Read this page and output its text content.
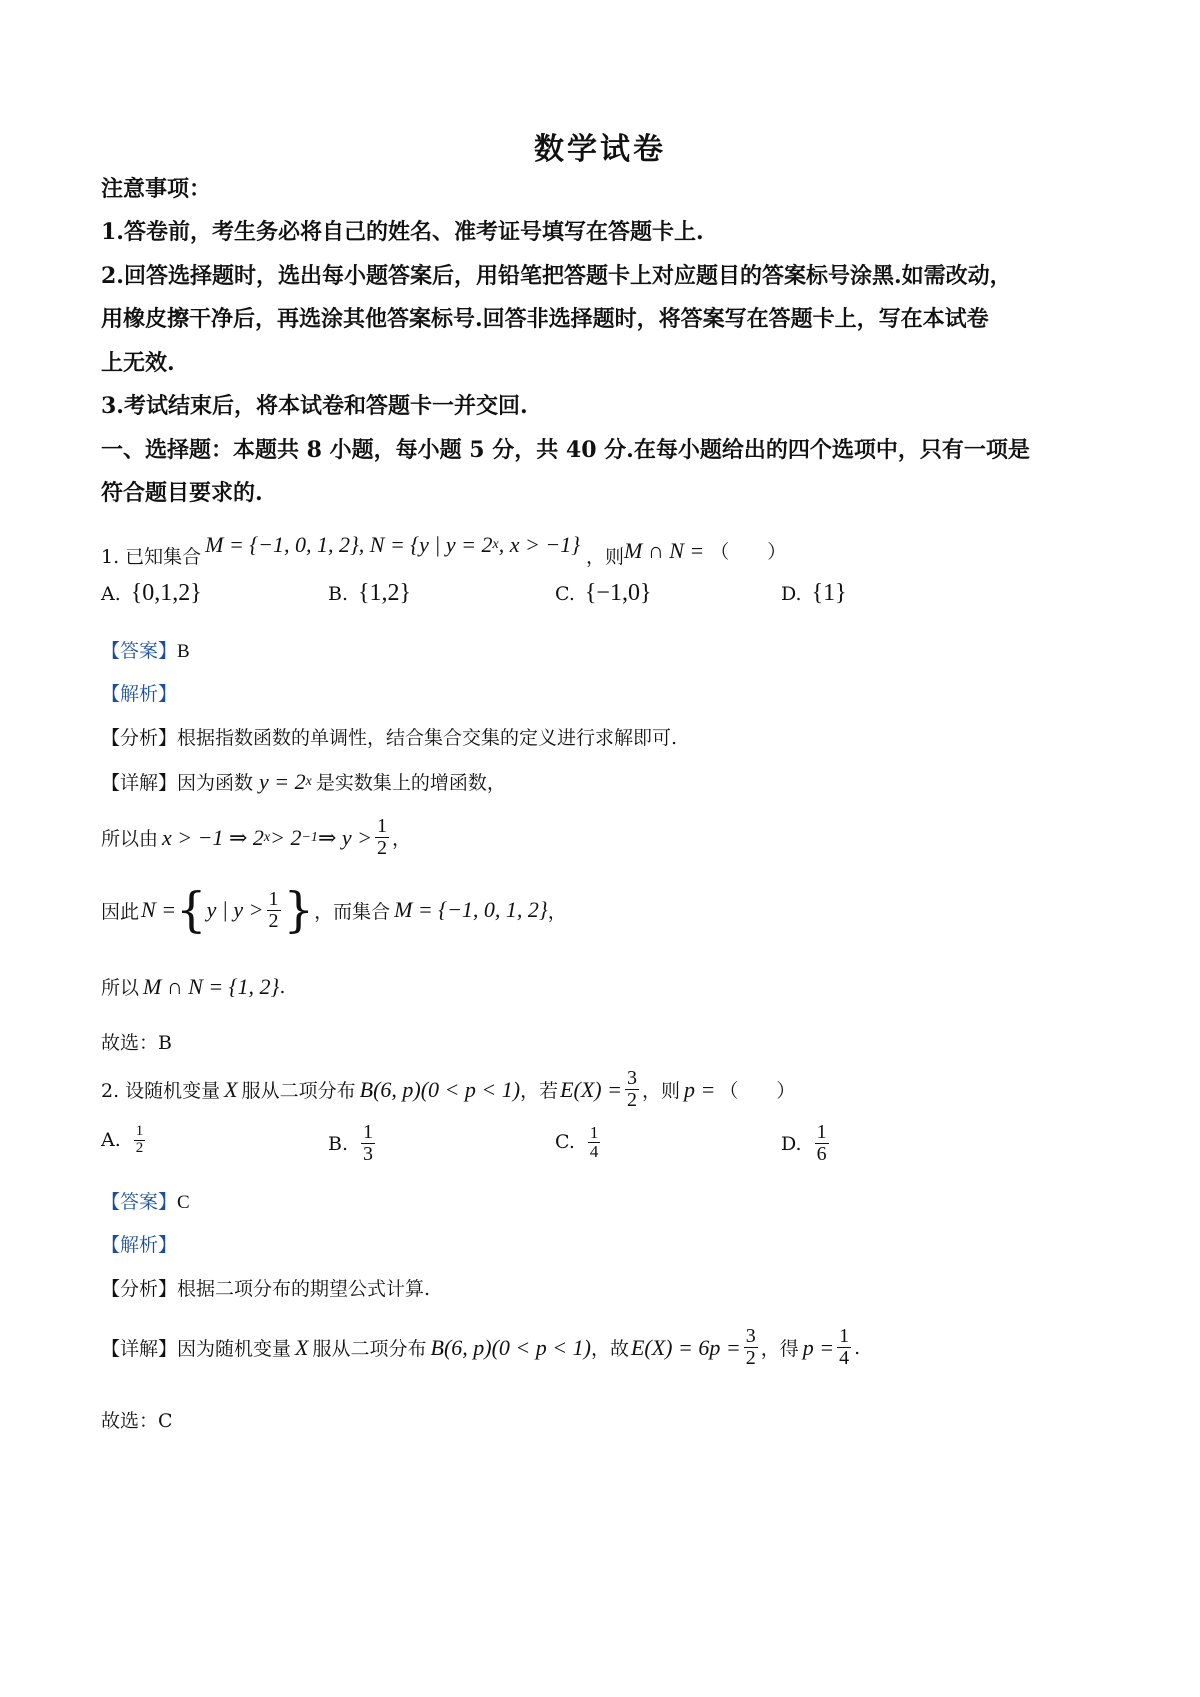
数学试卷
注意事项：
1.答卷前，考生务必将自己的姓名、准考证号填写在答题卡上.
2.回答选择题时，选出每小题答案后，用铅笔把答题卡上对应题目的答案标号涂黑.如需改动，
用橡皮擦干净后，再选涂其他答案标号.回答非选择题时，将答案写在答题卡上，写在本试卷
上无效.
3.考试结束后，将本试卷和答题卡一并交回.
一、选择题：本题共 8 小题，每小题 5 分，共 40 分.在每小题给出的四个选项中，只有一项是
符合题目要求的.
1. 已知集合
M = {−1, 0, 1, 2}, N = {y | y = 2 x , x > −1}
，则 M ∩ N = （　　）
A. {0,1,2}	B. {1,2}	C. {−1,0}	D. {1}
【答案】B
【解析】
【分析】根据指数函数的单调性，结合集合交集的定义进行求解即可.
【详解】 因为函数 y = 2 x 是实数集上的增函数，
所以由 x > −1 ⇒ 2 x > 2 −1 ⇒ $y > \frac{1}{2}$ ，
因此 N = { y | $y > \frac{1}{2}$ } ，而集合 M = {−1, 0, 1, 2} ，
所以 M ∩ N = {1, 2} .
故选：B
2. 设随机变量 X 服从二项分布 B(6, p)(0 < p < 1) ，若 $E(X) = \frac{3}{2}$ ，则 p = （　　）
A. $\frac{1}{2}$	B. $\frac{1}{3}$	C. $\frac{1}{4}$	D. $\frac{1}{6}$
【答案】C
【解析】
【分析】根据二项分布的期望公式计算.
【详解】 因为随机变量 X 服从二项分布 B(6, p)(0 < p < 1) ，故 $E(X) = 6p = \frac{3}{2}$ ，得 $p = \frac{1}{4}$ .
故选：C
